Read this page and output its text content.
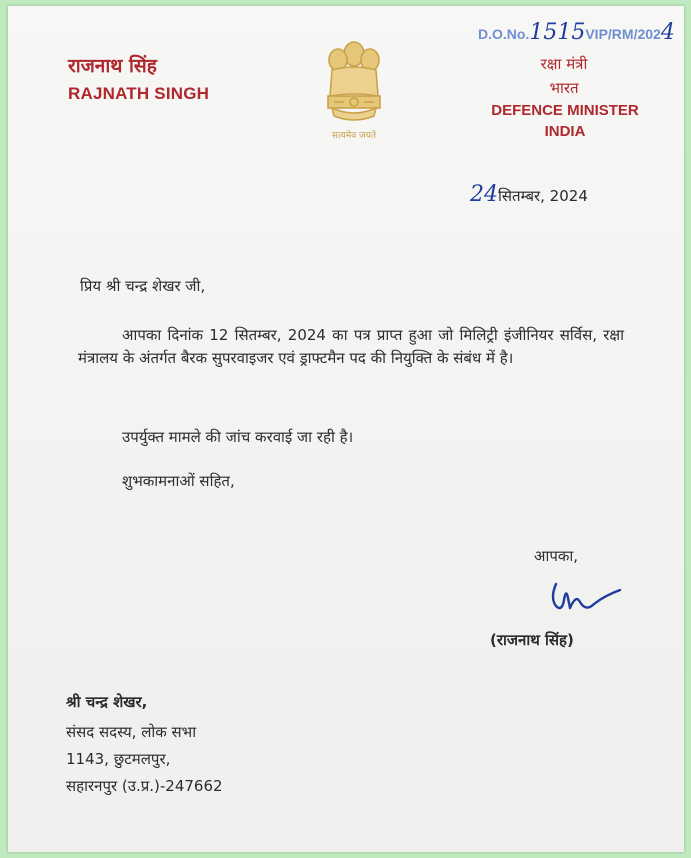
राजनाथ सिंह
RAJNATH SINGH
सत्यमेव जयते
D.O.No.1515VIP/RM/2024
रक्षा मंत्री
भारत
DEFENCE MINISTER
INDIA
24सितम्बर, 2024
प्रिय श्री चन्द्र शेखर जी,
आपका दिनांक 12 सितम्बर, 2024 का पत्र प्राप्त हुआ जो मिलिट्री इंजीनियर सर्विस, रक्षा मंत्रालय के अंतर्गत बैरक सुपरवाइजर एवं ड्राफ्टमैन पद की नियुक्ति के संबंध में है।
उपर्युक्त मामले की जांच करवाई जा रही है।
शुभकामनाओं सहित,
आपका,
(राजनाथ सिंह)
श्री चन्द्र शेखर,
संसद सदस्य, लोक सभा
1143, छुटमलपुर,
सहारनपुर (उ.प्र.)-247662
